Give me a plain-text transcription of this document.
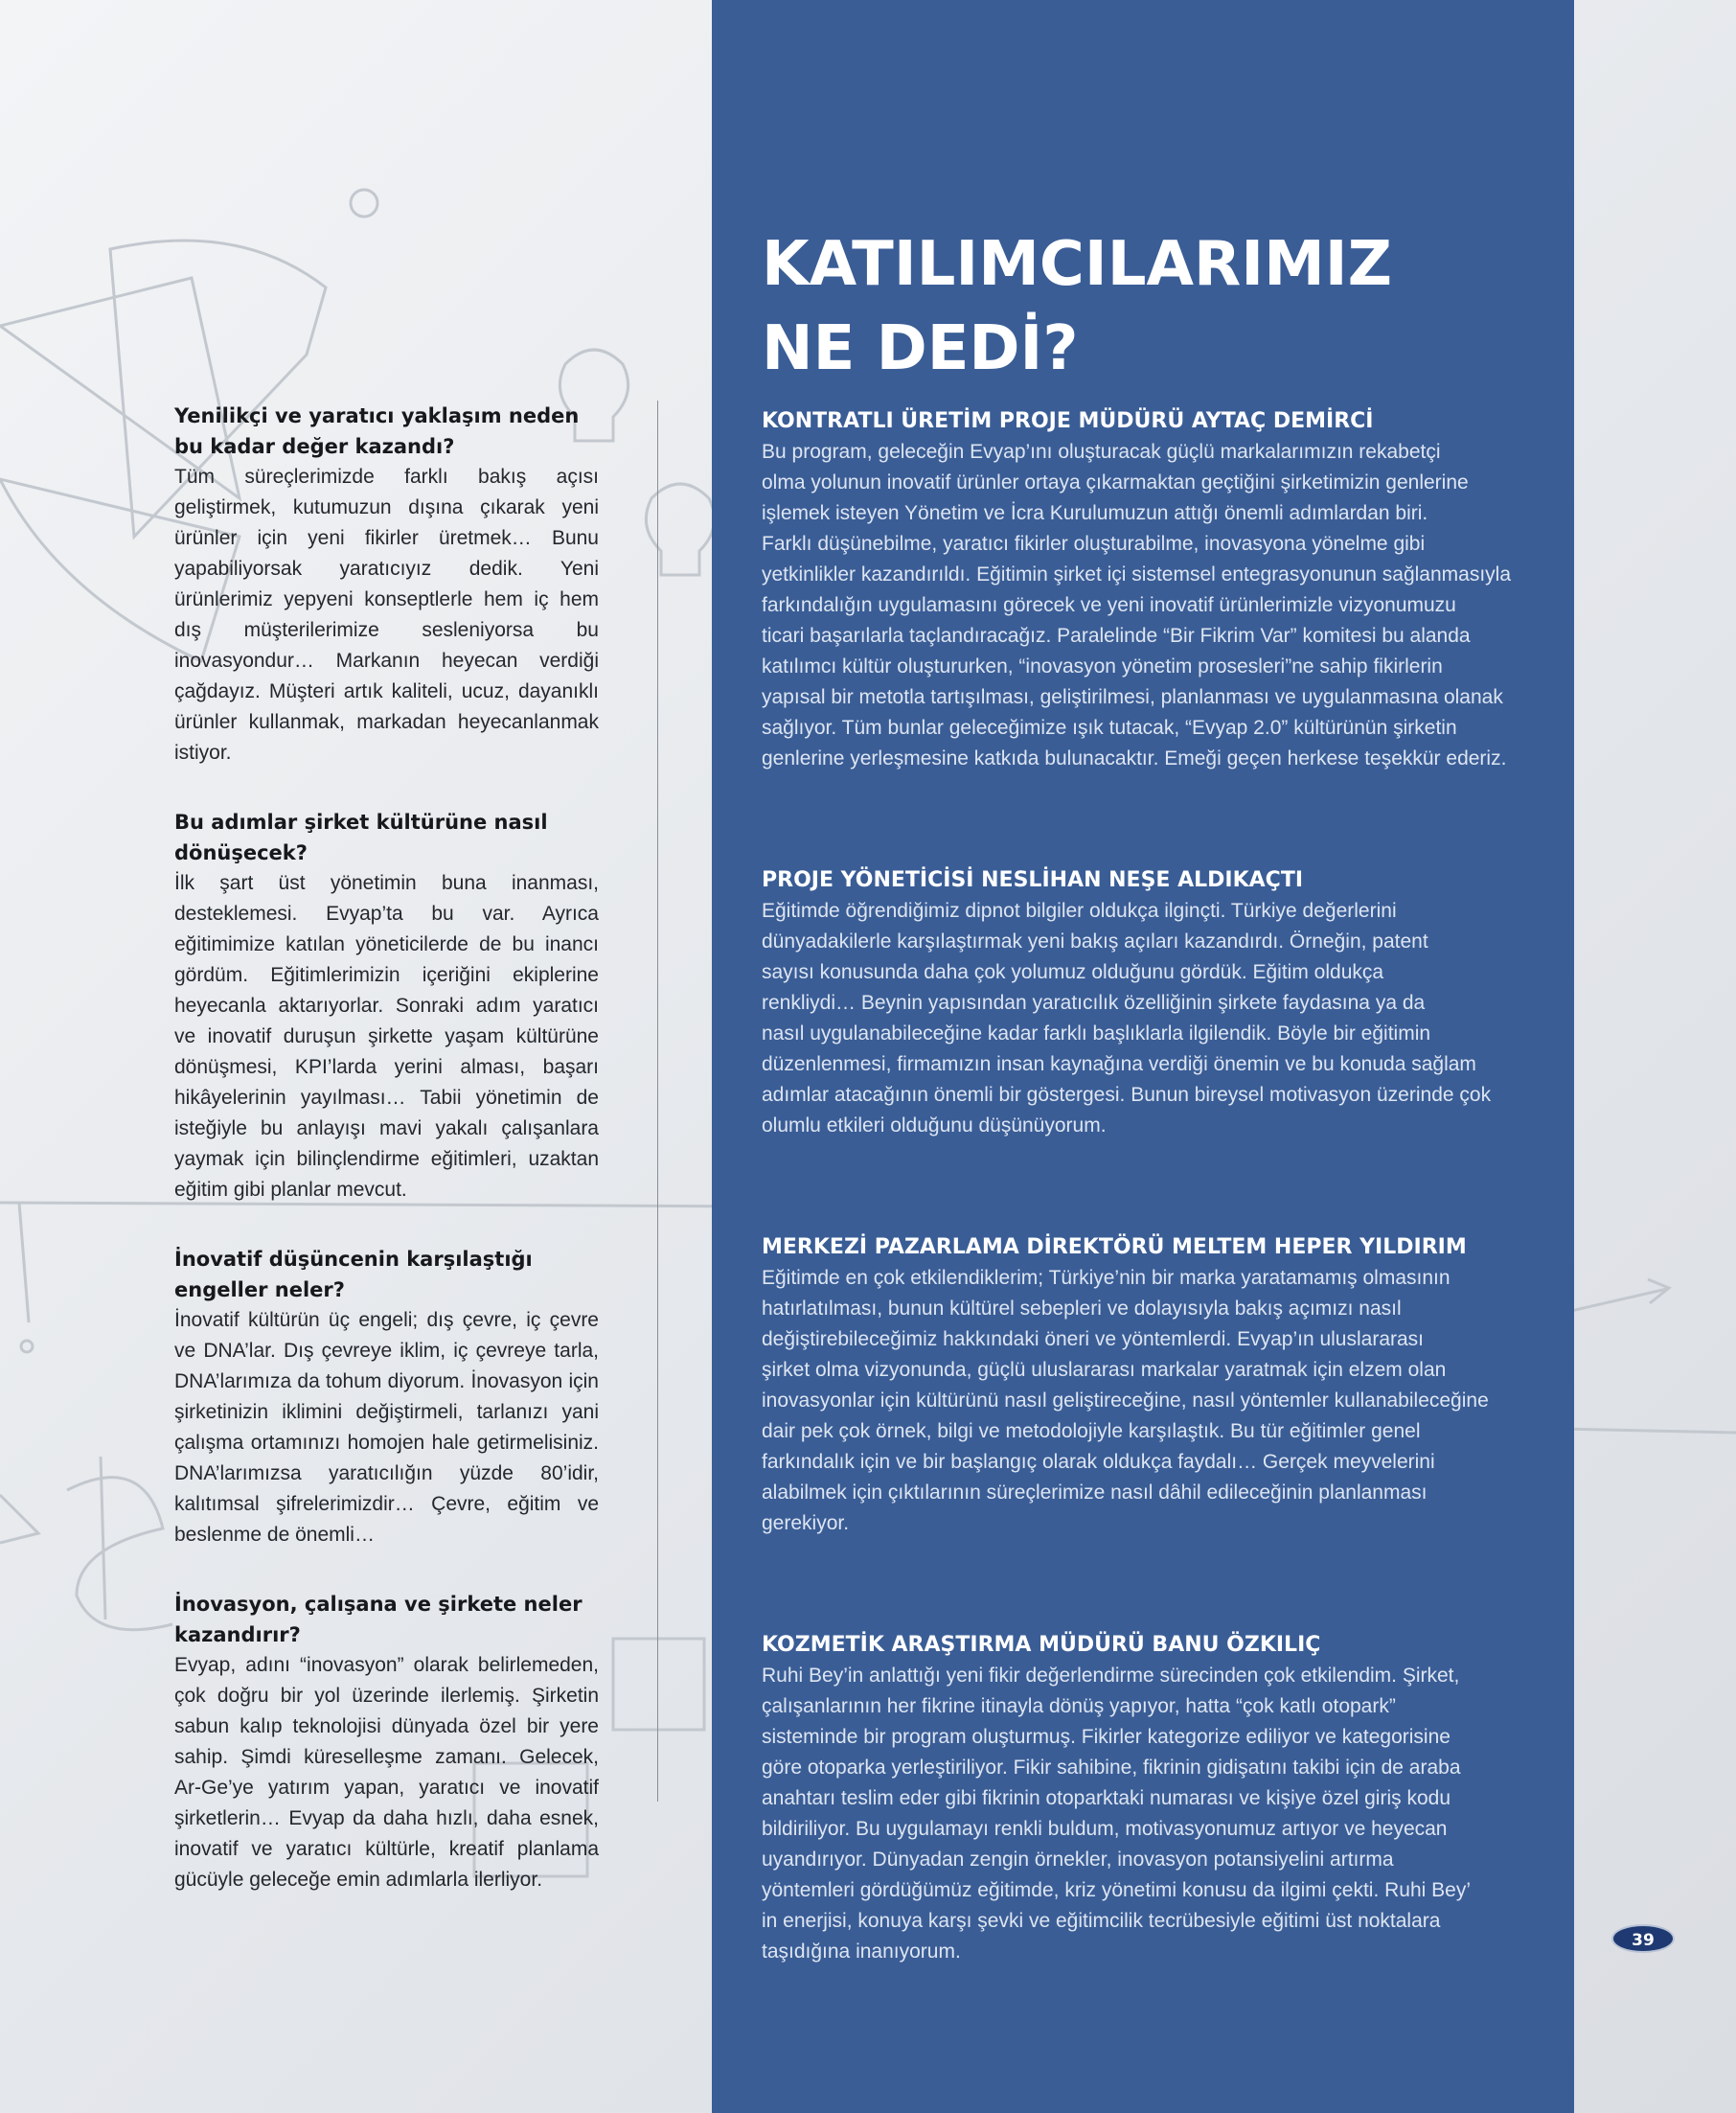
Yenilikçi ve yaratıcı yaklaşım neden bu kadar değer kazandı?

Tüm süreçlerimizde farklı bakış açısı geliştirmek, kutumuzun dışına çıkarak yeni ürünler için yeni fikirler üretmek… Bunu yapabiliyorsak yaratıcıyız dedik. Yeni ürünlerimiz yepyeni konseptlerle hem iç hem dış müşterilerimize sesleniyorsa bu inovasyondur… Markanın heyecan verdiği çağdayız. Müşteri artık kaliteli, ucuz, dayanıklı ürünler kullanmak, markadan heyecanlanmak istiyor.

Bu adımlar şirket kültürüne nasıl dönüşecek?

İlk şart üst yönetimin buna inanması, desteklemesi. Evyap’ta bu var. Ayrıca eğitimimize katılan yöneticilerde de bu inancı gördüm. Eğitimlerimizin içeriğini ekiplerine heyecanla aktarıyorlar. Sonraki adım yaratıcı ve inovatif duruşun şirkette yaşam kültürüne dönüşmesi, KPI’larda yerini alması, başarı hikâyelerinin yayılması… Tabii yönetimin de isteğiyle bu anlayışı mavi yakalı çalışanlara yaymak için bilinçlendirme eğitimleri, uzaktan eğitim gibi planlar mevcut.

İnovatif düşüncenin karşılaştığı engeller neler?

İnovatif kültürün üç engeli; dış çevre, iç çevre ve DNA’lar. Dış çevreye iklim, iç çevreye tarla, DNA’larımıza da tohum diyorum. İnovasyon için şirketinizin iklimini değiştirmeli, tarlanızı yani çalışma ortamınızı homojen hale getirmelisiniz. DNA’larımızsa yaratıcılığın yüzde 80’idir, kalıtımsal şifrelerimizdir… Çevre, eğitim ve beslenme de önemli…

İnovasyon, çalışana ve şirkete neler kazandırır?

Evyap, adını “inovasyon” olarak belirlemeden, çok doğru bir yol üzerinde ilerlemiş. Şirketin sabun kalıp teknolojisi dünyada özel bir yere sahip. Şimdi küreselleşme zamanı. Gelecek, Ar-Ge’ye yatırım yapan, yaratıcı ve inovatif şirketlerin… Evyap da daha hızlı, daha esnek, inovatif ve yaratıcı kültürle, kreatif planlama gücüyle geleceğe emin adımlarla ilerliyor.

KATILIMCILARIMIZ
NE DEDİ?

KONTRATLI ÜRETİM PROJE MÜDÜRÜ AYTAÇ DEMİRCİ

Bu program, geleceğin Evyap’ını oluşturacak güçlü markalarımızın rekabetçi
olma yolunun inovatif ürünler ortaya çıkarmaktan geçtiğini şirketimizin genlerine
işlemek isteyen Yönetim ve İcra Kurulumuzun attığı önemli adımlardan biri.
Farklı düşünebilme, yaratıcı fikirler oluşturabilme, inovasyona yönelme gibi
yetkinlikler kazandırıldı. Eğitimin şirket içi sistemsel entegrasyonunun sağlanmasıyla
farkındalığın uygulamasını görecek ve yeni inovatif ürünlerimizle vizyonumuzu
ticari başarılarla taçlandıracağız. Paralelinde “Bir Fikrim Var” komitesi bu alanda
katılımcı kültür oluştururken, “inovasyon yönetim prosesleri”ne sahip fikirlerin
yapısal bir metotla tartışılması, geliştirilmesi, planlanması ve uygulanmasına olanak
sağlıyor. Tüm bunlar geleceğimize ışık tutacak, “Evyap 2.0” kültürünün şirketin
genlerine yerleşmesine katkıda bulunacaktır. Emeği geçen herkese teşekkür ederiz.

PROJE YÖNETİCİSİ NESLİHAN NEŞE ALDIKAÇTI

Eğitimde öğrendiğimiz dipnot bilgiler oldukça ilginçti. Türkiye değerlerini
dünyadakilerle karşılaştırmak yeni bakış açıları kazandırdı. Örneğin, patent
sayısı konusunda daha çok yolumuz olduğunu gördük. Eğitim oldukça
renkliydi… Beynin yapısından yaratıcılık özelliğinin şirkete faydasına ya da
nasıl uygulanabileceğine kadar farklı başlıklarla ilgilendik. Böyle bir eğitimin
düzenlenmesi, firmamızın insan kaynağına verdiği önemin ve bu konuda sağlam
adımlar atacağının önemli bir göstergesi. Bunun bireysel motivasyon üzerinde çok
olumlu etkileri olduğunu düşünüyorum.

MERKEZİ PAZARLAMA DİREKTÖRÜ MELTEM HEPER YILDIRIM

Eğitimde en çok etkilendiklerim; Türkiye’nin bir marka yaratamamış olmasının
hatırlatılması, bunun kültürel sebepleri ve dolayısıyla bakış açımızı nasıl
değiştirebileceğimiz hakkındaki öneri ve yöntemlerdi. Evyap’ın uluslararası
şirket olma vizyonunda, güçlü uluslararası markalar yaratmak için elzem olan
inovasyonlar için kültürünü nasıl geliştireceğine, nasıl yöntemler kullanabileceğine
dair pek çok örnek, bilgi ve metodolojiyle karşılaştık. Bu tür eğitimler genel
farkındalık için ve bir başlangıç olarak oldukça faydalı… Gerçek meyvelerini
alabilmek için çıktılarının süreçlerimize nasıl dâhil edileceğinin planlanması
gerekiyor.

KOZMETİK ARAŞTIRMA MÜDÜRÜ BANU ÖZKILIÇ

Ruhi Bey’in anlattığı yeni fikir değerlendirme sürecinden çok etkilendim. Şirket,
çalışanlarının her fikrine itinayla dönüş yapıyor, hatta “çok katlı otopark”
sisteminde bir program oluşturmuş. Fikirler kategorize ediliyor ve kategorisine
göre otoparka yerleştiriliyor. Fikir sahibine, fikrinin gidişatını takibi için de araba
anahtarı teslim eder gibi fikrinin otoparktaki numarası ve kişiye özel giriş kodu
bildiriliyor. Bu uygulamayı renkli buldum, motivasyonumuz artıyor ve heyecan
uyandırıyor. Dünyadan zengin örnekler, inovasyon potansiyelini artırma
yöntemleri gördüğümüz eğitimde, kriz yönetimi konusu da ilgimi çekti. Ruhi Bey’
in enerjisi, konuya karşı şevki ve eğitimcilik tecrübesiyle eğitimi üst noktalara
taşıdığına inanıyorum.	39
